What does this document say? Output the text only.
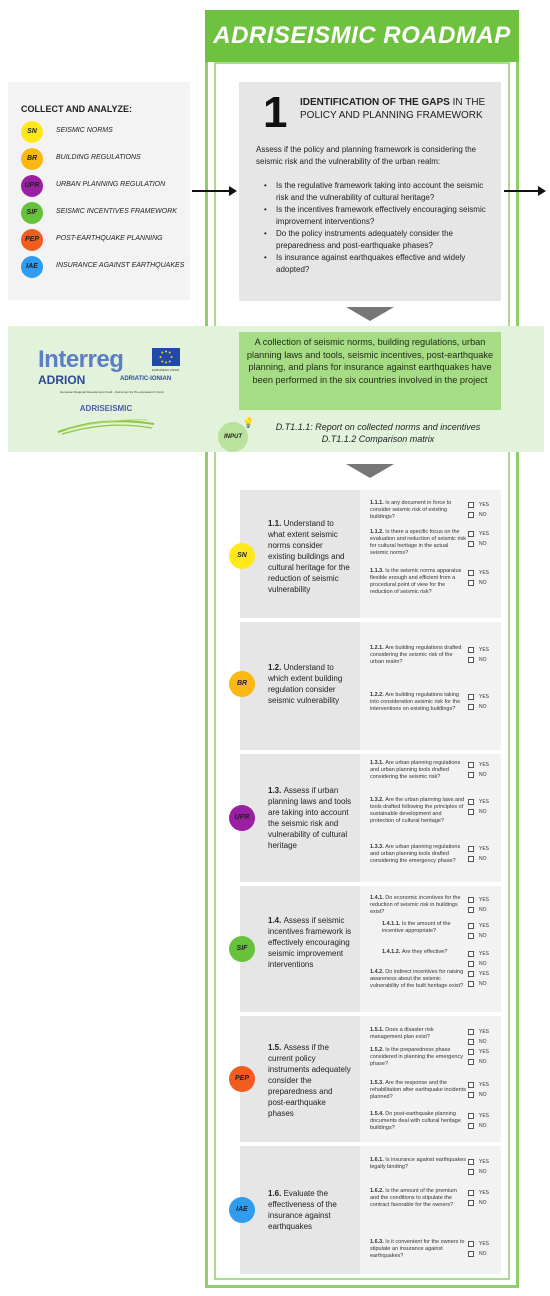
ADRISEISMIC ROADMAP
COLLECT AND ANALYZE:
SN	SEISMIC NORMS
BR	BUILDING REGULATIONS
UPR	URBAN PLANNING REGULATION
SIF	SEISMIC INCENTIVES FRAMEWORK
PEP	POST-EARTHQUAKE PLANNING
IAE	INSURANCE AGAINST EARTHQUAKES
1 IDENTIFICATION OF THE GAPS IN THE POLICY AND PLANNING FRAMEWORK
Assess if the policy and planning framework is considering the seismic risk and the vulnerability of the urban realm:
• Is the regulative framework taking into account the seismic risk and the vulnerability of cultural heritage?
• Is the incentives framework effectively encouraging seismic improvement interventions?
• Do the policy instruments adequately consider the preparedness and post-earthquake phases?
• Is insurance against earthquakes effective and widely adopted?
Interreg	EUROPEAN UNION
ADRION	ADRIATIC-IONIAN
European Regional Development Fund - Instrument for Pre-Accession II Fund
ADRISEISMIC
A collection of seismic norms, building regulations, urban planning laws and tools, seismic incentives, post-earthquake planning, and plans for insurance against earthquakes have been performed in the six countries involved in the project
INPUT
💡	D.T1.1.1: Report on collected norms and incentives
D.T1.1.2 Comparison matrix
SN
1.1. Understand to what extent seismic norms consider existing buildings and cultural heritage for the reduction of seismic vulnerability
1.1.1. Is any document in force to consider seismic risk of existing buildings?
YES
NO
1.1.2. Is there a specific focus on the evaluation and reduction of seismic risk for cultural heritage in the actual seismic norms?
YES
NO
1.1.3. Is the seismic norms apparatus flexible enough and efficient from a procedural point of view for the reduction of seismic risk?
YES
NO
BR
1.2. Understand to which extent building regulation consider seismic vulnerability
1.2.1. Are building regulations drafted considering the seismic risk of the urban realm?
YES
NO
1.2.2. Are building regulations taking into consideration seismic risk for the interventions on existing buildings?
YES
NO
UPR
1.3. Assess if urban planning laws and tools are taking into account the seismic risk and vulnerability of cultural heritage
1.3.1. Are urban planning regulations and urban planning tools drafted considering the seismic risk?
YES
NO
1.3.2. Are the urban planning laws and tools drafted following the principles of sustainable development and protection of cultural heritage?
YES
NO
1.3.3. Are urban planning regulations and urban planning tools drafted considering the emergency phase?
YES
NO
SIF
1.4. Assess if seismic incentives framework is effectively encouraging seismic improvement interventions
1.4.1. Do economic incentives for the reduction of seismic risk in buildings exist?
YES
NO
1.4.1.1. Is the amount of the incentive appropriate?
YES
NO
1.4.1.2. Are they effective?	YES
NO
1.4.2. Do indirect incentives for raising awareness about the seismic vulnerability of the built heritage exist?
YES
NO
PEP
1.5. Assess if the current policy instruments adequately consider the preparedness and post-earthquake phases
1.5.1. Does a disaster risk management plan exist?
YES
NO
1.5.2. Is the preparedness phase considered in planning the emergency phase?
YES
NO
1.5.3. Are the response and the rehabilitation after earthquake incidents planned?
YES
NO
1.5.4. Do post-earthquake planning documents deal with cultural heritage buildings?
YES
NO
IAE
1.6. Evaluate the effectiveness of the insurance against earthquakes
1.6.1. Is insurance against earthquakes legally binding?
YES
NO
1.6.2. Is the amount of the premium and the conditions to stipulate the contract favorable for the owners?
YES
NO
1.6.3. Is it convenient for the owners to stipulate an insurance against earthquakes?
YES
NO
